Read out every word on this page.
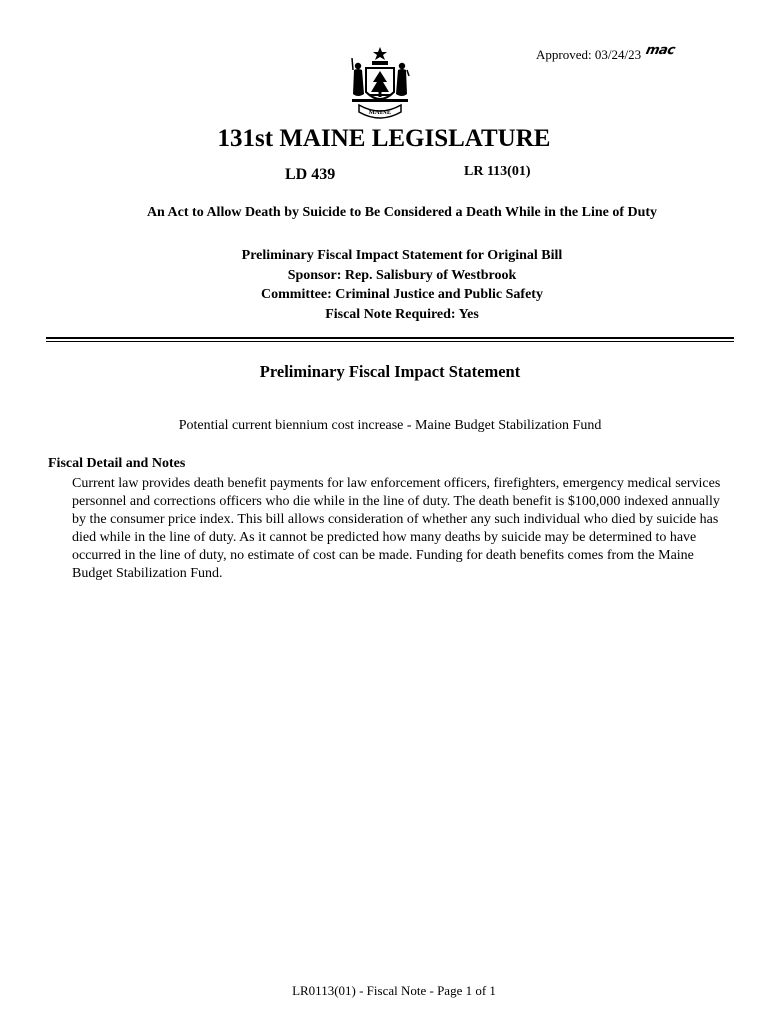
Approved: 03/24/23 mac
MAINE
131st MAINE LEGISLATURE
LD 439	LR 113(01)
An Act to Allow Death by Suicide to Be Considered a Death While in the Line of Duty
Preliminary Fiscal Impact Statement for Original Bill
Sponsor: Rep. Salisbury of Westbrook
Committee: Criminal Justice and Public Safety
Fiscal Note Required: Yes
Preliminary Fiscal Impact Statement
Potential current biennium cost increase - Maine Budget Stabilization Fund
Fiscal Detail and Notes
Current law provides death benefit payments for law enforcement officers, firefighters, emergency medical services personnel and corrections officers who die while in the line of duty. The death benefit is $100,000 indexed annually by the consumer price index. This bill allows consideration of whether any such individual who died by suicide has died while in the line of duty. As it cannot be predicted how many deaths by suicide may be determined to have occurred in the line of duty, no estimate of cost can be made. Funding for death benefits comes from the Maine Budget Stabilization Fund.
LR0113(01) - Fiscal Note - Page 1 of 1
